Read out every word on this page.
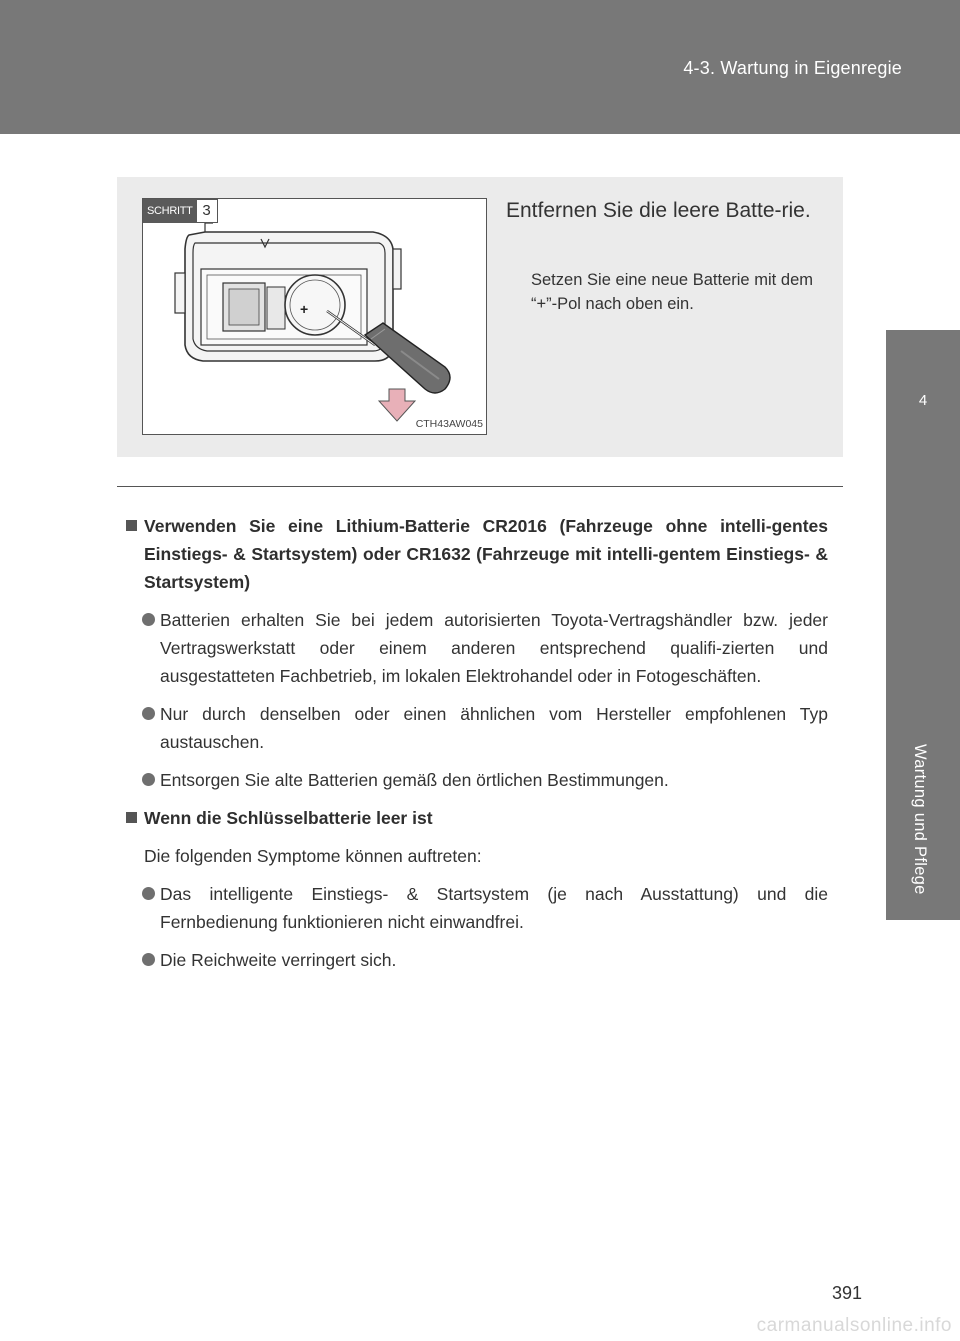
4-3. Wartung in Eigenregie
4
Wartung und Pflege
+
SCHRITT 3
CTH43AW045
Entfernen Sie die leere Batte-rie.
Setzen Sie eine neue Batterie mit dem “+”-Pol nach oben ein.
Verwenden Sie eine Lithium-Batterie CR2016 (Fahrzeuge ohne intelli-gentes Einstiegs- & Startsystem) oder CR1632 (Fahrzeuge mit intelli-gentem Einstiegs- & Startsystem)
Batterien erhalten Sie bei jedem autorisierten Toyota-Vertragshändler bzw. jeder Vertragswerkstatt oder einem anderen entsprechend qualifi-zierten und ausgestatteten Fachbetrieb, im lokalen Elektrohandel oder in Fotogeschäften.
Nur durch denselben oder einen ähnlichen vom Hersteller empfohlenen Typ austauschen.
Entsorgen Sie alte Batterien gemäß den örtlichen Bestimmungen.
Wenn die Schlüsselbatterie leer ist
Die folgenden Symptome können auftreten:
Das intelligente Einstiegs- & Startsystem (je nach Ausstattung) und die Fernbedienung funktionieren nicht einwandfrei.
Die Reichweite verringert sich.
391
carmanualsonline.info
